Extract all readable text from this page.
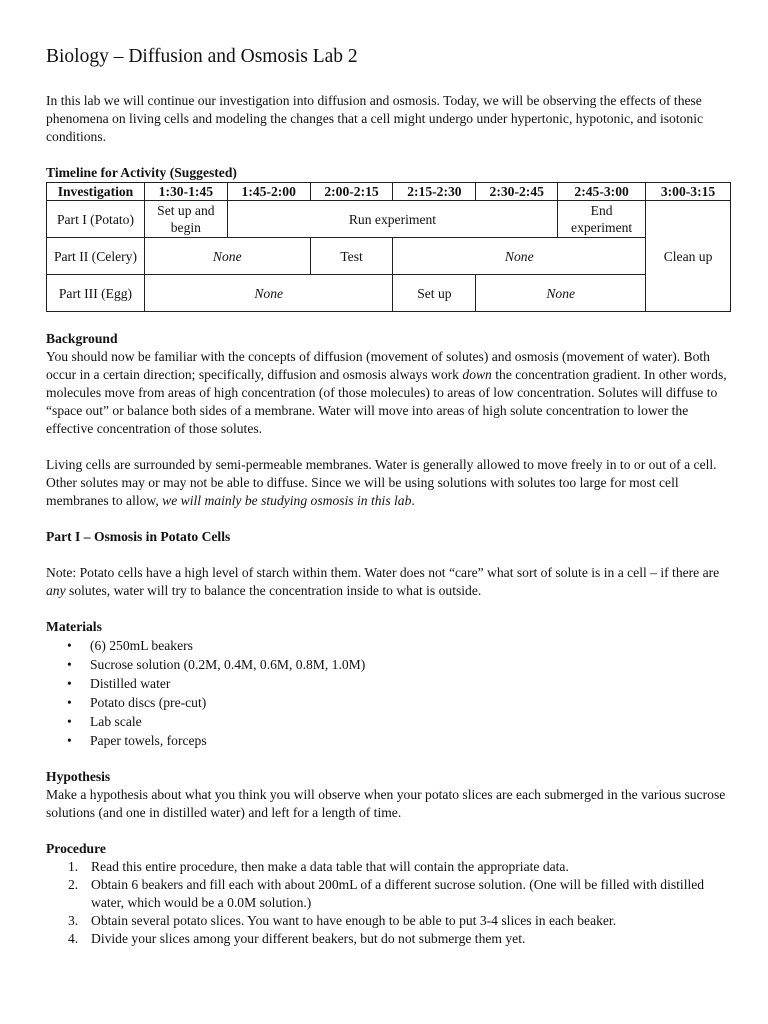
Biology – Diffusion and Osmosis Lab 2

In this lab we will continue our investigation into diffusion and osmosis. Today, we will be observing the effects of these phenomena on living cells and modeling the changes that a cell might undergo under hypertonic, hypotonic, and isotonic conditions.

Timeline for Activity (Suggested)
Investigation	1:30-1:45	1:45-2:00	2:00-2:15	2:15-2:30	2:30-2:45	2:45-3:00	3:00-3:15
Part I (Potato)	Set up and begin	Run experiment				End experiment	Clean up
Part II (Celery)	None		Test	None			
Part III (Egg)	None			Set up	None		
Background

You should now be familiar with the concepts of diffusion (movement of solutes) and osmosis (movement of water). Both occur in a certain direction; specifically, diffusion and osmosis always work down the concentration gradient. In other words, molecules move from areas of high concentration (of those molecules) to areas of low concentration. Solutes will diffuse to “space out” or balance both sides of a membrane. Water will move into areas of high solute concentration to lower the effective concentration of those solutes.

Living cells are surrounded by semi-permeable membranes. Water is generally allowed to move freely in to or out of a cell. Other solutes may or may not be able to diffuse. Since we will be using solutions with solutes too large for most cell membranes to allow, we will mainly be studying osmosis in this lab.

Part I – Osmosis in Potato Cells

Note: Potato cells have a high level of starch within them. Water does not “care” what sort of solute is in a cell – if there are any solutes, water will try to balance the concentration inside to what is outside.

Materials
• (6) 250mL beakers
• Sucrose solution (0.2M, 0.4M, 0.6M, 0.8M, 1.0M)
• Distilled water
• Potato discs (pre-cut)
• Lab scale
• Paper towels, forceps
Hypothesis

Make a hypothesis about what you think you will observe when your potato slices are each submerged in the various sucrose solutions (and one in distilled water) and left for a length of time.

Procedure
1. Read this entire procedure, then make a data table that will contain the appropriate data.
2. Obtain 6 beakers and fill each with about 200mL of a different sucrose solution. (One will be filled with distilled water, which would be a 0.0M solution.)
3. Obtain several potato slices. You want to have enough to be able to put 3-4 slices in each beaker.
4. Divide your slices among your different beakers, but do not submerge them yet.
